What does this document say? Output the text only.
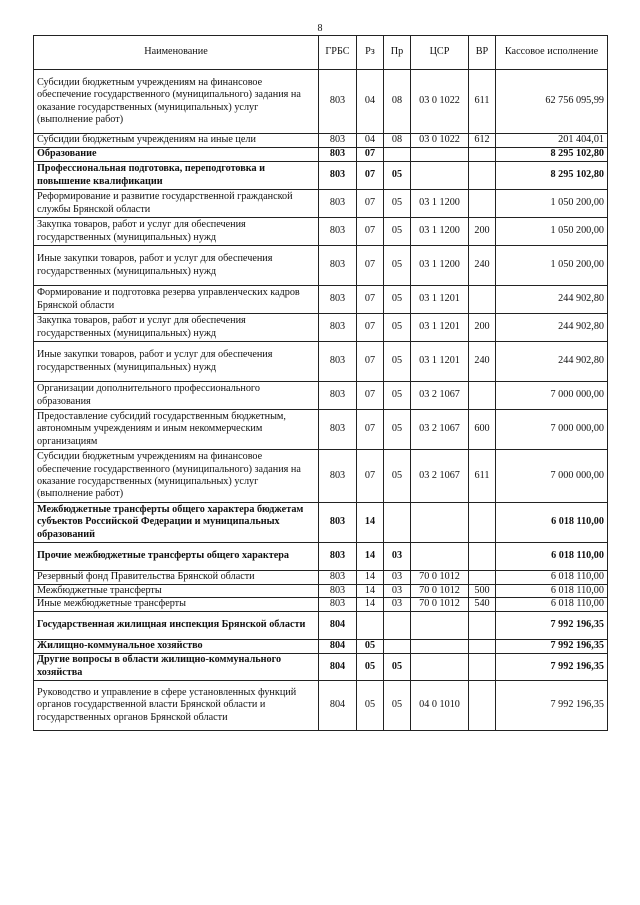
8
Наименование	ГРБС	Рз	Пр	ЦСР	ВР	Кассовое исполнение
Субсидии бюджетным учреждениям на финансовое обеспечение государственного (муниципального) задания на оказание государственных (муниципальных) услуг (выполнение работ)	803	04	08	03 0 1022	611	62 756 095,99
Субсидии бюджетным учреждениям на иные цели	803	04	08	03 0 1022	612	201 404,01
Образование	803	07				8 295 102,80
Профессиональная подготовка, переподготовка и повышение квалификации	803	07	05			8 295 102,80
Реформирование и развитие государственной гражданской службы Брянской области	803	07	05	03 1 1200		1 050 200,00
Закупка товаров, работ и услуг для обеспечения государственных (муниципальных) нужд	803	07	05	03 1 1200	200	1 050 200,00
Иные закупки товаров, работ и услуг для обеспечения государственных (муниципальных) нужд	803	07	05	03 1 1200	240	1 050 200,00
Формирование и подготовка резерва управленческих кадров Брянской области	803	07	05	03 1 1201		244 902,80
Закупка товаров, работ и услуг для обеспечения государственных (муниципальных) нужд	803	07	05	03 1 1201	200	244 902,80
Иные закупки товаров, работ и услуг для обеспечения государственных (муниципальных) нужд	803	07	05	03 1 1201	240	244 902,80
Организации дополнительного профессионального образования	803	07	05	03 2 1067		7 000 000,00
Предоставление субсидий государственным бюджетным, автономным учреждениям и иным некоммерческим организациям	803	07	05	03 2 1067	600	7 000 000,00
Субсидии бюджетным учреждениям на финансовое обеспечение государственного (муниципального) задания на оказание государственных (муниципальных) услуг (выполнение работ)	803	07	05	03 2 1067	611	7 000 000,00
Межбюджетные трансферты общего характера бюджетам субъектов Российской Федерации и муниципальных образований	803	14				6 018 110,00
Прочие межбюджетные трансферты общего характера	803	14	03			6 018 110,00
Резервный фонд Правительства Брянской области	803	14	03	70 0 1012		6 018 110,00
Межбюджетные трансферты	803	14	03	70 0 1012	500	6 018 110,00
Иные межбюджетные трансферты	803	14	03	70 0 1012	540	6 018 110,00
Государственная жилищная инспекция Брянской области	804					7 992 196,35
Жилищно-коммунальное хозяйство	804	05				7 992 196,35
Другие вопросы в области жилищно-коммунального хозяйства	804	05	05			7 992 196,35
Руководство и управление в сфере установленных функций органов государственной власти Брянской области и государственных органов Брянской области	804	05	05	04 0 1010		7 992 196,35
